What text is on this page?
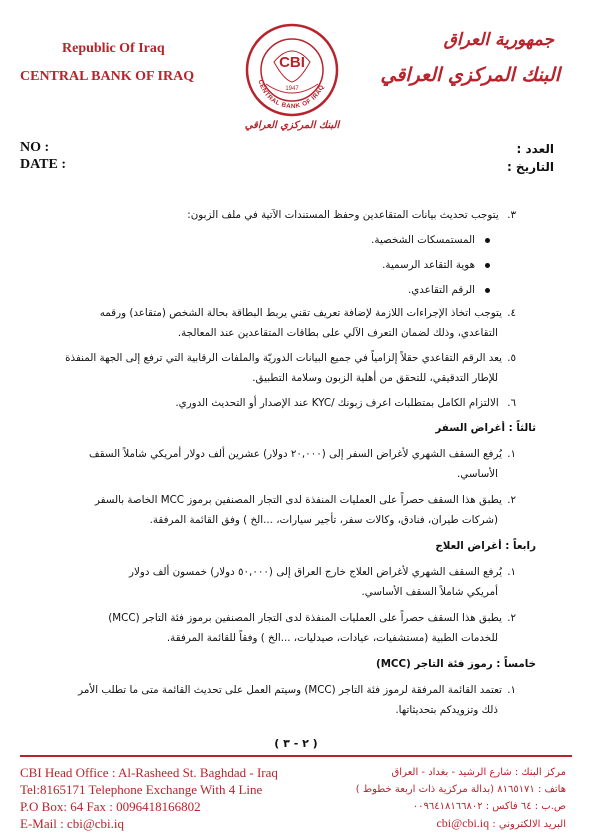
Republic Of Iraq
CENTRAL BANK OF IRAQ
جمهورية العراق
البنك المركزي العراقي
CBI
1947
CENTRAL BANK OF IRAQ
البنك المركزي العراقي
NO :
DATE :
العدد :
التاريخ :
٣. يتوجب تحديث بيانات المتقاعدين وحفظ المستندات الآتية في ملف الزبون:
المستمسكات الشخصية.
هوية التقاعد الرسمية.
الرقم التقاعدي.
٤.يتوجب اتخاذ الإجراءات اللازمة لإضافة تعريف تقني يربط البطاقة بحالة الشخص (متقاعد) ورقمه
التقاعدي، وذلك لضمان التعرف الآلي على بطاقات المتقاعدين عند المعالجة.
٥.يعد الرقم التقاعدي حقلاً إلزامياً في جميع البيانات الدوريّة والملفات الرقابية التي ترفع إلى الجهة المنفذة
للإطار التدقيقي، للتحقق من أهلية الزبون وسلامة التطبيق.
٦. الالتزام الكامل بمتطلبات اعرف زبونك /KYC عند الإصدار أو التحديث الدوري.
ثالثاً : أغراض السفر
١.يُرفع السقف الشهري لأغراض السفر إلى (٢٠,٠٠٠ دولار) عشرين ألف دولار أمريكي شاملاً السقف
الأساسي.
٢.يطبق هذا السقف حصراً على العمليات المنفذة لدى التجار المصنفين برموز MCC الخاصة بالسفر
(شركات طيران، فنادق، وكالات سفر، تأجير سيارات، ...الخ ) وفق القائمة المرفقة.
رابعاً : أغراض العلاج
١.يُرفع السقف الشهري لأغراض العلاج خارج العراق إلى (٥٠,٠٠٠ دولار) خمسون ألف دولار
أمريكي شاملاً السقف الأساسي.
٢.يطبق هذا السقف حصراً على العمليات المنفذة لدى التجار المصنفين برموز فئة التاجر (MCC)
للخدمات الطبية (مستشفيات، عيادات، صيدليات، ...الخ ) وفقاً للقائمة المرفقة.
خامساً : رموز فئة التاجر (MCC)
١.تعتمد القائمة المرفقة لرموز فئة التاجر (MCC) وسيتم العمل على تحديث القائمة متى ما تطلب الأمر
ذلك وتزويدكم بتحديثاتها.
( ٢ - ٣ )
CBI Head Office : Al-Rasheed St. Baghdad - Iraq
Tel:8165171 Telephone Exchange With 4 Line
P.O Box: 64 Fax : 0096418166802
E-Mail : cbi@cbi.iq
مركز البنك : شارع الرشيد - بغداد - العراق
هاتف : ٨١٦٥١٧١ (بدالة مركزية ذات اربعة خطوط )
ص.ب : ٦٤ فاكس : ٠٠٩٦٤١٨١٦٦٨٠٢
البريد الالكتروني : cbi@cbi.iq
